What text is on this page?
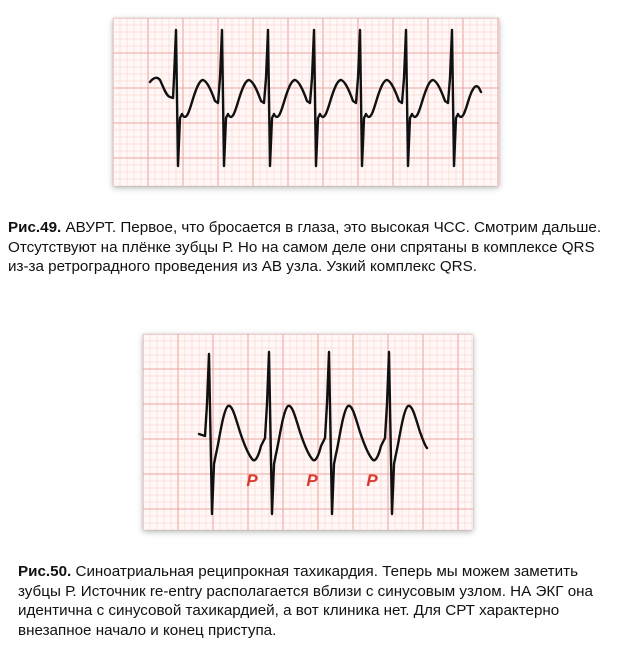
Рис.49. АВУРТ. Первое, что бросается в глаза, это высокая ЧСС. Смотрим дальше. Отсутствуют на плёнке зубцы Р. Но на самом деле они спрятаны в комплексе QRS из-за ретроградного проведения из АВ узла. Узкий комплекс QRS.

P	P	P

Рис.50. Синоатриальная реципрокная тахикардия. Теперь мы можем заметить зубцы Р. Источник re-entry располагается вблизи с синусовым узлом. НА ЭКГ она идентична с синусовой тахикардией, а вот клиника нет. Для СРТ характерно внезапное начало и конец приступа.
